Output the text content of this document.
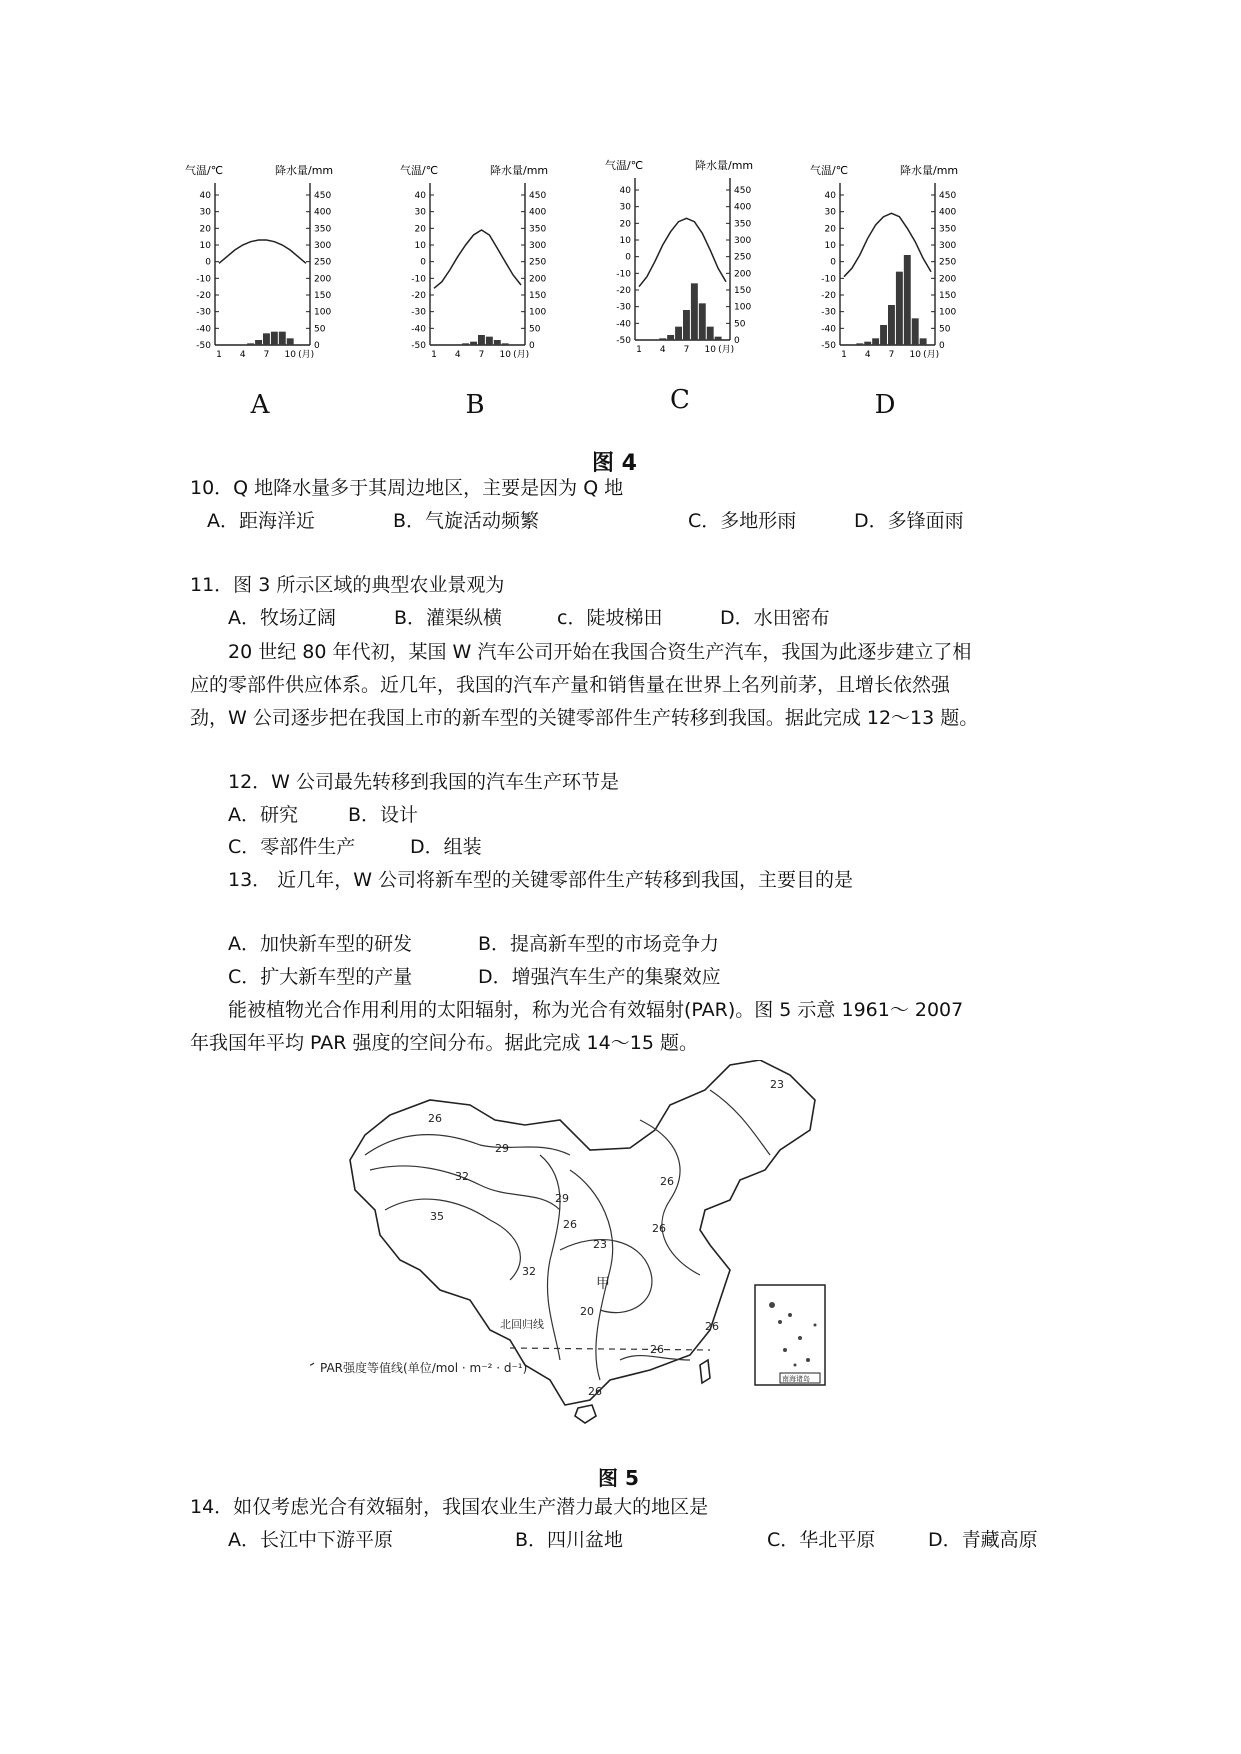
气温/℃	降水量/mm
40
30
20
10
0
-10
-20
-30
-40
-50
450
400
350
300
250
200
150
100
50
0
1 4 7 10 (月)
A
气温/℃	降水量/mm
40
30
20
10
0
-10
-20
-30
-40
-50
450
400
350
300
250
200
150
100
50
0
1 4 7 10 (月)
B
气温/℃	降水量/mm
40
30
20
10
0
-10
-20
-30
-40
-50
450
400
350
300
250
200
150
100
50
0
1 4 7 10 (月)
C
气温/℃	降水量/mm
40
30
20
10
0
-10
-20
-30
-40
-50
450
400
350
300
250
200
150
100
50
0
1 4 7 10 (月)
D
图 4
10．Q 地降水量多于其周边地区，主要是因为 Q 地
A．距海洋近	B．气旋活动频繁	C．多地形雨	D．多锋面雨
11．图 3 所示区域的典型农业景观为
A．牧场辽阔	B．灌渠纵横	c．陡坡梯田	D．水田密布
20 世纪 80 年代初，某国 W 汽车公司开始在我国合资生产汽车，我国为此逐步建立了相
应的零部件供应体系。近几年，我国的汽车产量和销售量在世界上名列前茅，且增长依然强
劲，W 公司逐步把在我国上市的新车型的关键零部件生产转移到我国。据此完成 12～13 题。
12．W 公司最先转移到我国的汽车生产环节是
A．研究	B．设计
C．零部件生产	D．组装
13． 近几年，W 公司将新车型的关键零部件生产转移到我国，主要目的是
A．加快新车型的研发	B．提高新车型的市场竞争力
C．扩大新车型的产量	D．增强汽车生产的集聚效应
能被植物光合作用利用的太阳辐射，称为光合有效辐射(PAR)。图 5 示意 1961～ 2007
年我国年平均 PAR 强度的空间分布。据此完成 14～15 题。
23
26
29
32
35
26
26
29
26
23
32
20
26
26
26
甲
北回归线
PAR强度等值线(单位/mol · m⁻² · d⁻¹)
南海诸岛
图 5
14．如仅考虑光合有效辐射，我国农业生产潜力最大的地区是
A．长江中下游平原	B．四川盆地	C．华北平原	D．青藏高原
